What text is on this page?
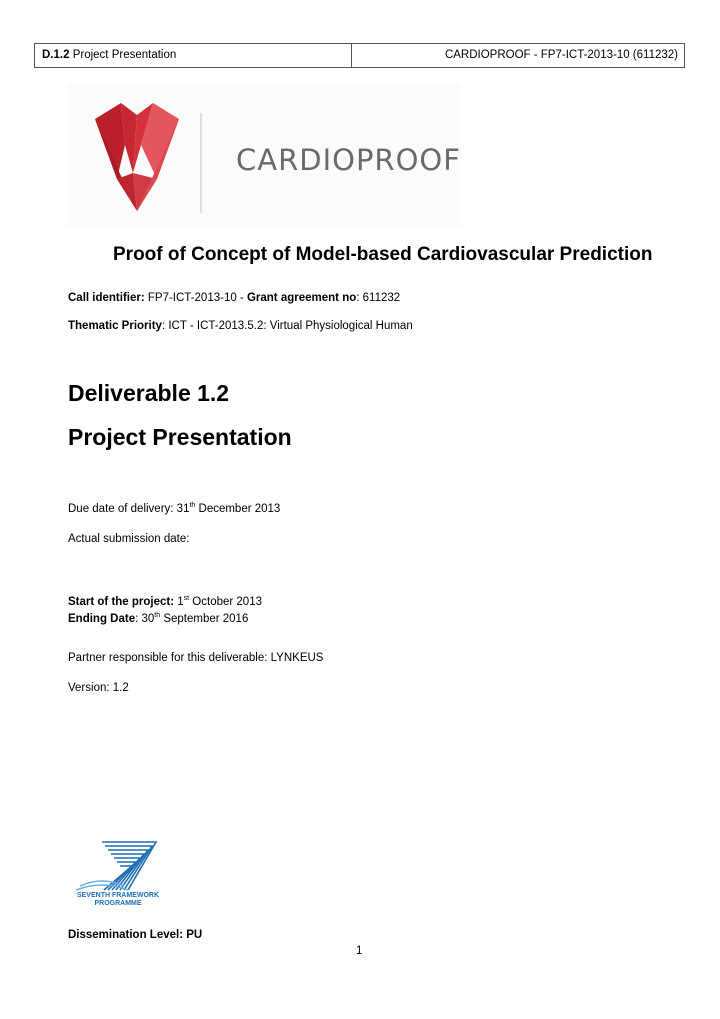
D.1.2 Project Presentation	CARDIOPROOF - FP7-ICT-2013-10 (611232)
CARDIOPROOF
Proof of Concept of Model-based Cardiovascular Prediction
Call identifier: FP7-ICT-2013-10 - Grant agreement no: 611232
Thematic Priority: ICT - ICT-2013.5.2: Virtual Physiological Human
Deliverable 1.2
Project Presentation
Due date of delivery: 31th December 2013
Actual submission date:
Start of the project: 1st October 2013
Ending Date: 30th September 2016
Partner responsible for this deliverable: LYNKEUS
Version: 1.2
SEVENTH FRAMEWORK
PROGRAMME
Dissemination Level: PU
1
